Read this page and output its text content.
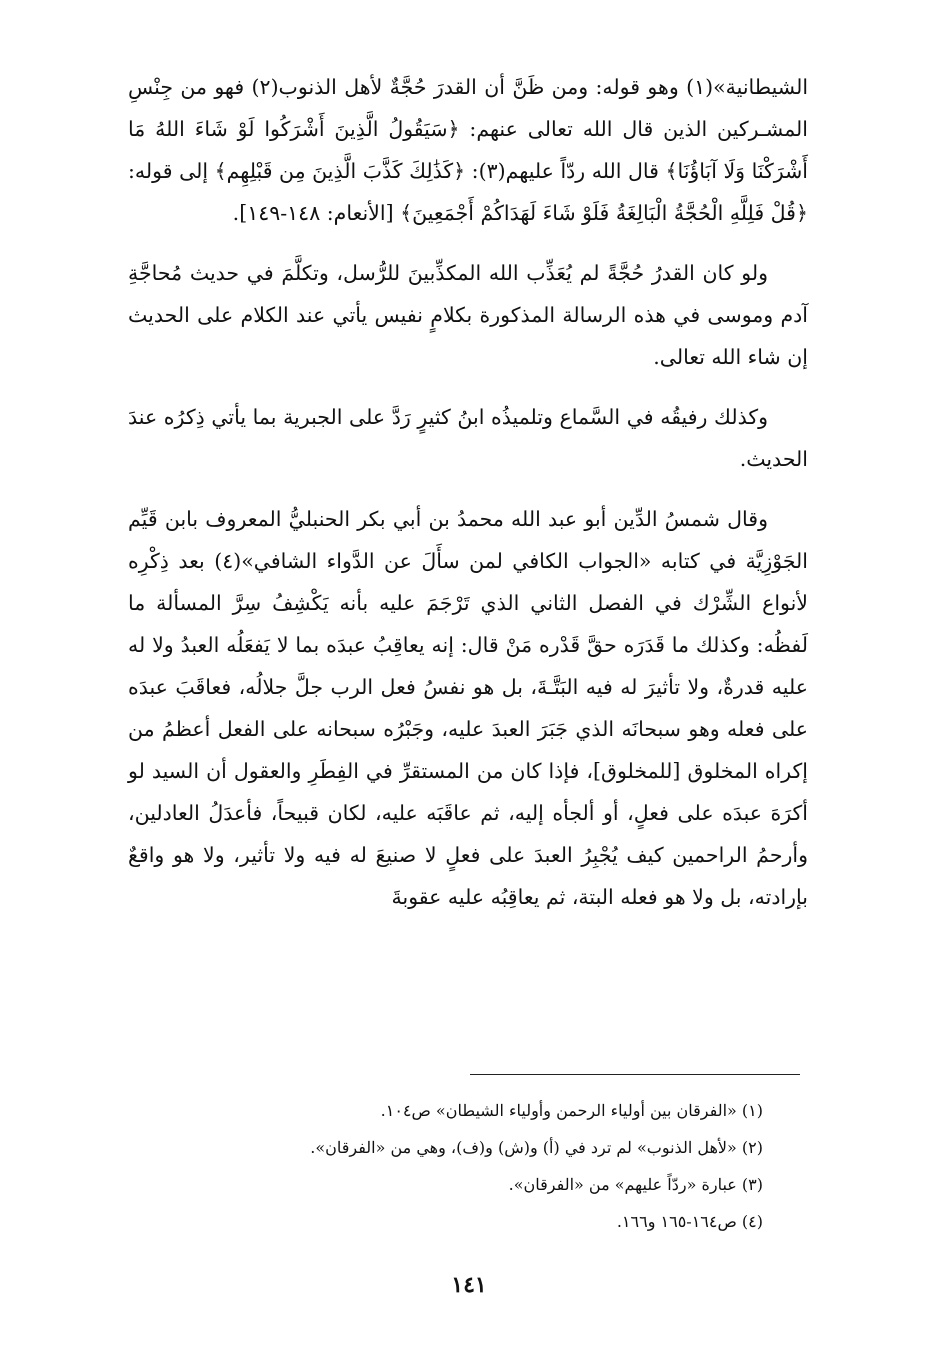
الشيطانية»(١) وهو قوله: ومن ظَنَّ أن القدرَ حُجَّةٌ لأهل الذنوب(٢) فهو من جِنْسِ المشـركين الذين قال الله تعالى عنهم: ﴿سَيَقُولُ الَّذِينَ أَشْرَكُوا لَوْ شَاءَ اللهُ مَا أَشْرَكْنَا وَلَا آبَاؤُنَا﴾ قال الله ردّاً عليهم(٣): ﴿كَذَٰلِكَ كَذَّبَ الَّذِينَ مِن قَبْلِهِم﴾ إلى قوله: ﴿قُلْ فَلِلَّهِ الْحُجَّةُ الْبَالِغَةُ فَلَوْ شَاءَ لَهَدَاكُمْ أَجْمَعِينَ﴾ [الأنعام: ١٤٨-١٤٩].

ولو كان القدرُ حُجَّةً لم يُعَذِّب الله المكذِّبينَ للرُّسل، وتكلَّمَ في حديث مُحاجَّةِ آدم وموسى في هذه الرسالة المذكورة بكلامٍ نفيس يأتي عند الكلام على الحديث إن شاء الله تعالى.

وكذلك رفيقُه في السَّماع وتلميذُه ابنُ كثيرٍ رَدَّ على الجبرية بما يأتي ذِكرُه عندَ الحديث.

وقال شمسُ الدِّين أبو عبد الله محمدُ بن أبي بكر الحنبليُّ المعروف بابن قَيِّم الجَوْزِيَّة في كتابه «الجواب الكافي لمن سأَلَ عن الدَّواء الشافي»(٤) بعد ذِكْرِه لأنواع الشِّرْك في الفصل الثاني الذي تَرْجَمَ عليه بأنه يَكْشِفُ سِرَّ المسألة ما لَفظُه: وكذلك ما قَدَرَه حقَّ قَدْره مَنْ قال: إنه يعاقِبُ عبدَه بما لا يَفعَلُه العبدُ ولا له عليه قدرةٌ، ولا تأثيرَ له فيه البَتَّـةَ، بل هو نفسُ فعل الرب جلَّ جلالُه، فعاقَبَ عبدَه على فعله وهو سبحانَه الذي جَبَرَ العبدَ عليه، وجَبْرُه سبحانه على الفعل أعظمُ من إكراه المخلوق [للمخلوق]، فإذا كان من المستقرِّ في الفِطَرِ والعقول أن السيد لو أكرَهَ عبدَه على فعلٍ، أو ألجأه إليه، ثم عاقَبَه عليه، لكان قبيحاً، فأعدَلُ العادلين، وأرحمُ الراحمين كيف يُجْبِرُ العبدَ على فعلٍ لا صنيعَ له فيه ولا تأثير، ولا هو واقعٌ بإرادته، بل ولا هو فعله البتة، ثم يعاقِبُه عليه عقوبةَ

(١) «الفرقان بين أولياء الرحمن وأولياء الشيطان» ص١٠٤.
(٢) «لأهل الذنوب» لم ترد في (أ) و(ش) و(ف)، وهي من «الفرقان».
(٣) عبارة «ردّاً عليهم» من «الفرقان».
(٤) ص١٦٤-١٦٥ و١٦٦.
١٤١
